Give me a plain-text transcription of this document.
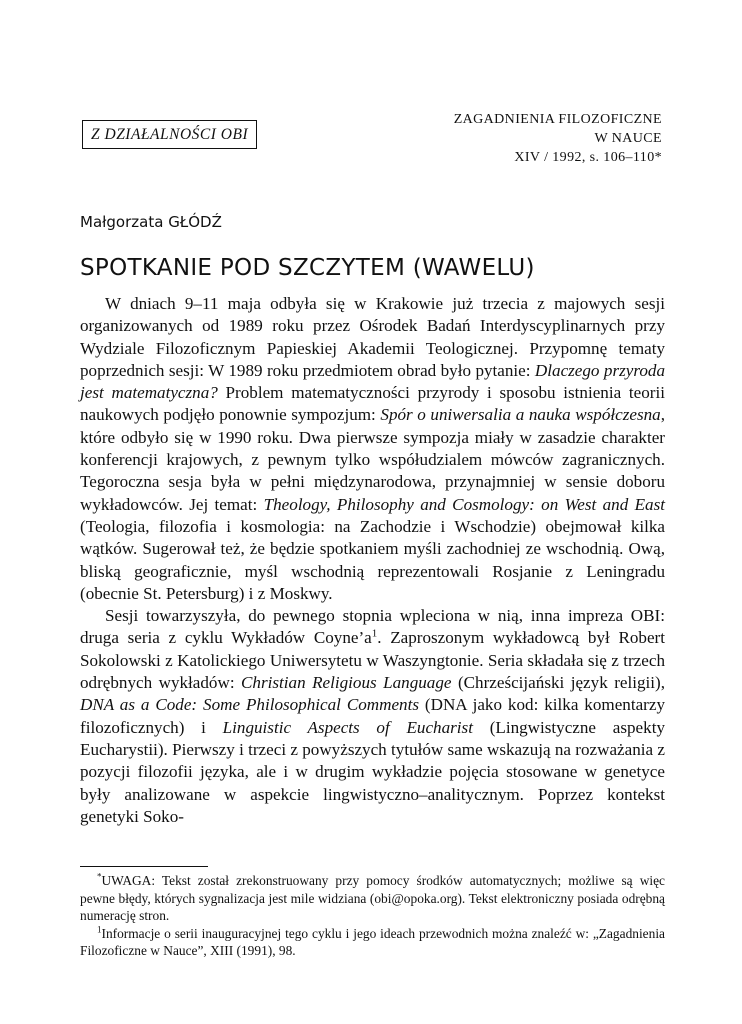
Z DZIAŁALNOŚCI OBI
ZAGADNIENIA FILOZOFICZNE
W NAUCE
XIV / 1992, s. 106–110*
Małgorzata GŁÓDŹ
SPOTKANIE POD SZCZYTEM (WAWELU)

W dniach 9–11 maja odbyła się w Krakowie już trzecia z majowych sesji organizowanych od 1989 roku przez Ośrodek Badań Interdyscyplinarnych przy Wydziale Filozoficznym Papieskiej Akademii Teologicznej. Przypomnę tematy poprzednich sesji: W 1989 roku przedmiotem obrad było pytanie: Dlaczego przyroda jest matematyczna? Problem matematyczności przyrody i sposobu istnienia teorii naukowych podjęło ponownie sympozjum: Spór o uniwersalia a nauka współczesna, które odbyło się w 1990 roku. Dwa pierwsze sympozja miały w zasadzie charakter konferencji krajowych, z pewnym tylko współudzialem mówców zagranicznych. Tegoroczna sesja była w pełni międzynarodowa, przynajmniej w sensie doboru wykładowców. Jej temat: Theology, Philosophy and Cosmology: on West and East (Teologia, filozofia i kosmologia: na Zachodzie i Wschodzie) obejmował kilka wątków. Sugerował też, że będzie spotkaniem myśli zachodniej ze wschodnią. Ową, bliską geograficznie, myśl wschodnią reprezentowali Rosjanie z Leningradu (obecnie St. Petersburg) i z Moskwy.

Sesji towarzyszyła, do pewnego stopnia wpleciona w nią, inna impreza OBI: druga seria z cyklu Wykładów $Coyne’a^1$. Zaproszonym wykładowcą był Robert Sokolowski z Katolickiego Uniwersytetu w Waszyngtonie. Seria składała się z trzech odrębnych wykładów: Christian Religious Language (Chrześcijański język religii), DNA as a Code: Some Philosophical Comments (DNA jako kod: kilka komentarzy filozoficznych) i Linguistic Aspects of Eucharist (Lingwistyczne aspekty Eucharystii). Pierwszy i trzeci z powyższych tytułów same wskazują na rozważania z pozycji filozofii języka, ale i w drugim wykładzie pojęcia stosowane w genetyce były analizowane w aspekcie lingwistyczno–analitycznym. Poprzez kontekst genetyki Soko-

*UWAGA: Tekst został zrekonstruowany przy pomocy środków automatycznych; możliwe są więc pewne błędy, których sygnalizacja jest mile widziana (obi@opoka.org). Tekst elektroniczny posiada odrębną numerację stron.

$^1$Informacje o serii inauguracyjnej tego cyklu i jego ideach przewodnich można znaleźć w: „Zagadnienia Filozoficzne w Nauce”, XIII (1991), 98.
